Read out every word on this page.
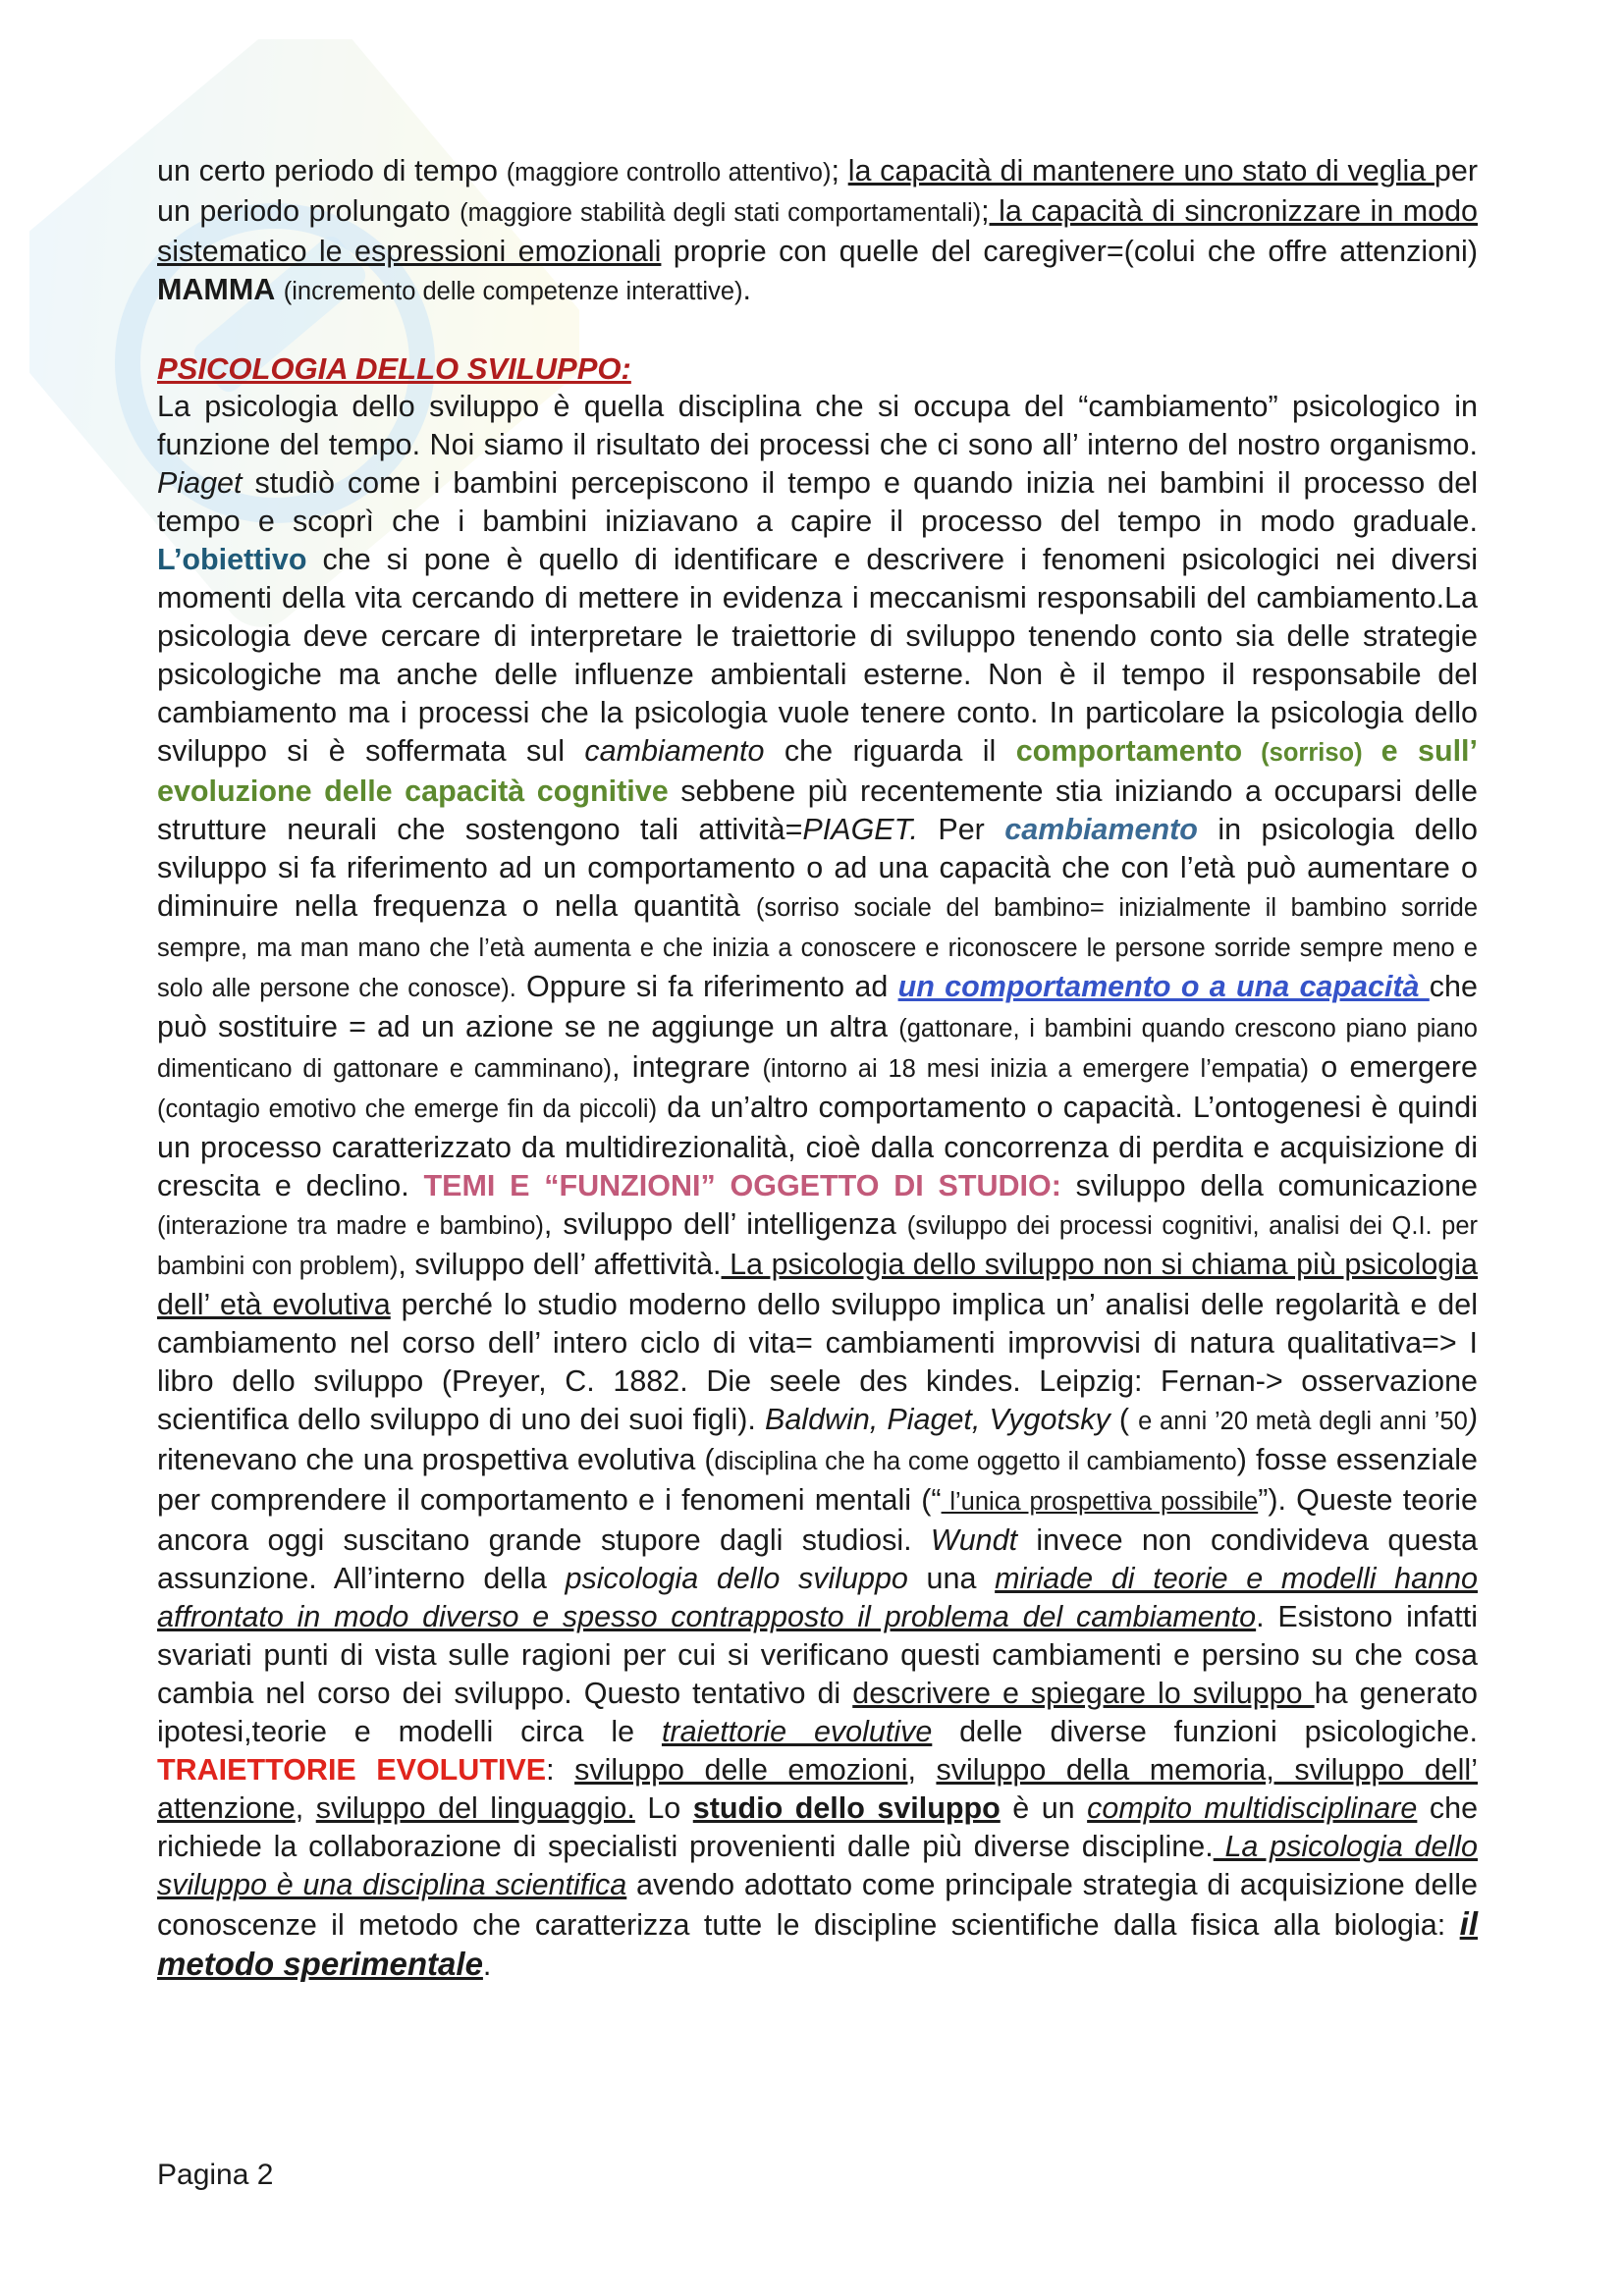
un certo periodo di tempo (maggiore controllo attentivo); la capacità di mantenere uno stato di veglia per un periodo prolungato (maggiore stabilità degli stati comportamentali); la capacità di sincronizzare in modo sistematico le espressioni emozionali proprie con quelle del caregiver=(colui che offre attenzioni) MAMMA (incremento delle competenze interattive).

PSICOLOGIA DELLO SVILUPPO:

La psicologia dello sviluppo è quella disciplina che si occupa del “cambiamento” psicologico in funzione del tempo. Noi siamo il risultato dei processi che ci sono all’ interno del nostro organismo. Piaget studiò come i bambini percepiscono il tempo e quando inizia nei bambini il processo del tempo e scoprì che i bambini iniziavano a capire il processo del tempo in modo graduale. L’obiettivo che si pone è quello di identificare e descrivere i fenomeni psicologici nei diversi momenti della vita cercando di mettere in evidenza i meccanismi responsabili del cambiamento.La psicologia deve cercare di interpretare le traiettorie di sviluppo tenendo conto sia delle strategie psicologiche ma anche delle influenze ambientali esterne. Non è il tempo il responsabile del cambiamento ma i processi che la psicologia vuole tenere conto. In particolare la psicologia dello sviluppo si è soffermata sul cambiamento che riguarda il comportamento (sorriso) e sull’ evoluzione delle capacità cognitive sebbene più recentemente stia iniziando a occuparsi delle strutture neurali che sostengono tali attività=PIAGET. Per cambiamento in psicologia dello sviluppo si fa riferimento ad un comportamento o ad una capacità che con l’età può aumentare o diminuire nella frequenza o nella quantità (sorriso sociale del bambino= inizialmente il bambino sorride sempre, ma man mano che l’età aumenta e che inizia a conoscere e riconoscere le persone sorride sempre meno e solo alle persone che conosce). Oppure si fa riferimento ad un comportamento o a una capacità che può sostituire = ad un azione se ne aggiunge un altra (gattonare, i bambini quando crescono piano piano dimenticano di gattonare e camminano), integrare (intorno ai 18 mesi inizia a emergere l’empatia) o emergere (contagio emotivo che emerge fin da piccoli) da un’altro comportamento o capacità. L’ontogenesi è quindi un processo caratterizzato da multidirezionalità, cioè dalla concorrenza di perdita e acquisizione di crescita e declino. TEMI E “FUNZIONI” OGGETTO DI STUDIO: sviluppo della comunicazione (interazione tra madre e bambino), sviluppo dell’ intelligenza (sviluppo dei processi cognitivi, analisi dei Q.I. per bambini con problem), sviluppo dell’ affettività. La psicologia dello sviluppo non si chiama più psicologia dell’ età evolutiva perché lo studio moderno dello sviluppo implica un’ analisi delle regolarità e del cambiamento nel corso dell’ intero ciclo di vita= cambiamenti improvvisi di natura qualitativa=> I libro dello sviluppo (Preyer, C. 1882. Die seele des kindes. Leipzig: Fernan-> osservazione scientifica dello sviluppo di uno dei suoi figli). Baldwin, Piaget, Vygotsky ( e anni ’20 metà degli anni ’50) ritenevano che una prospettiva evolutiva (disciplina che ha come oggetto il cambiamento) fosse essenziale per comprendere il comportamento e i fenomeni mentali (“ l’unica prospettiva possibile”). Queste teorie ancora oggi suscitano grande stupore dagli studiosi. Wundt invece non condivideva questa assunzione. All’interno della psicologia dello sviluppo una miriade di teorie e modelli hanno affrontato in modo diverso e spesso contrapposto il problema del cambiamento. Esistono infatti svariati punti di vista sulle ragioni per cui si verificano questi cambiamenti e persino su che cosa cambia nel corso dei sviluppo. Questo tentativo di descrivere e spiegare lo sviluppo ha generato ipotesi,teorie e modelli circa le traiettorie evolutive delle diverse funzioni psicologiche. TRAIETTORIE EVOLUTIVE: sviluppo delle emozioni, sviluppo della memoria, sviluppo dell’ attenzione, sviluppo del linguaggio. Lo studio dello sviluppo è un compito multidisciplinare che richiede la collaborazione di specialisti provenienti dalle più diverse discipline. La psicologia dello sviluppo è una disciplina scientifica avendo adottato come principale strategia di acquisizione delle conoscenze il metodo che caratterizza tutte le discipline scientifiche dalla fisica alla biologia: il metodo sperimentale.

Pagina 2
